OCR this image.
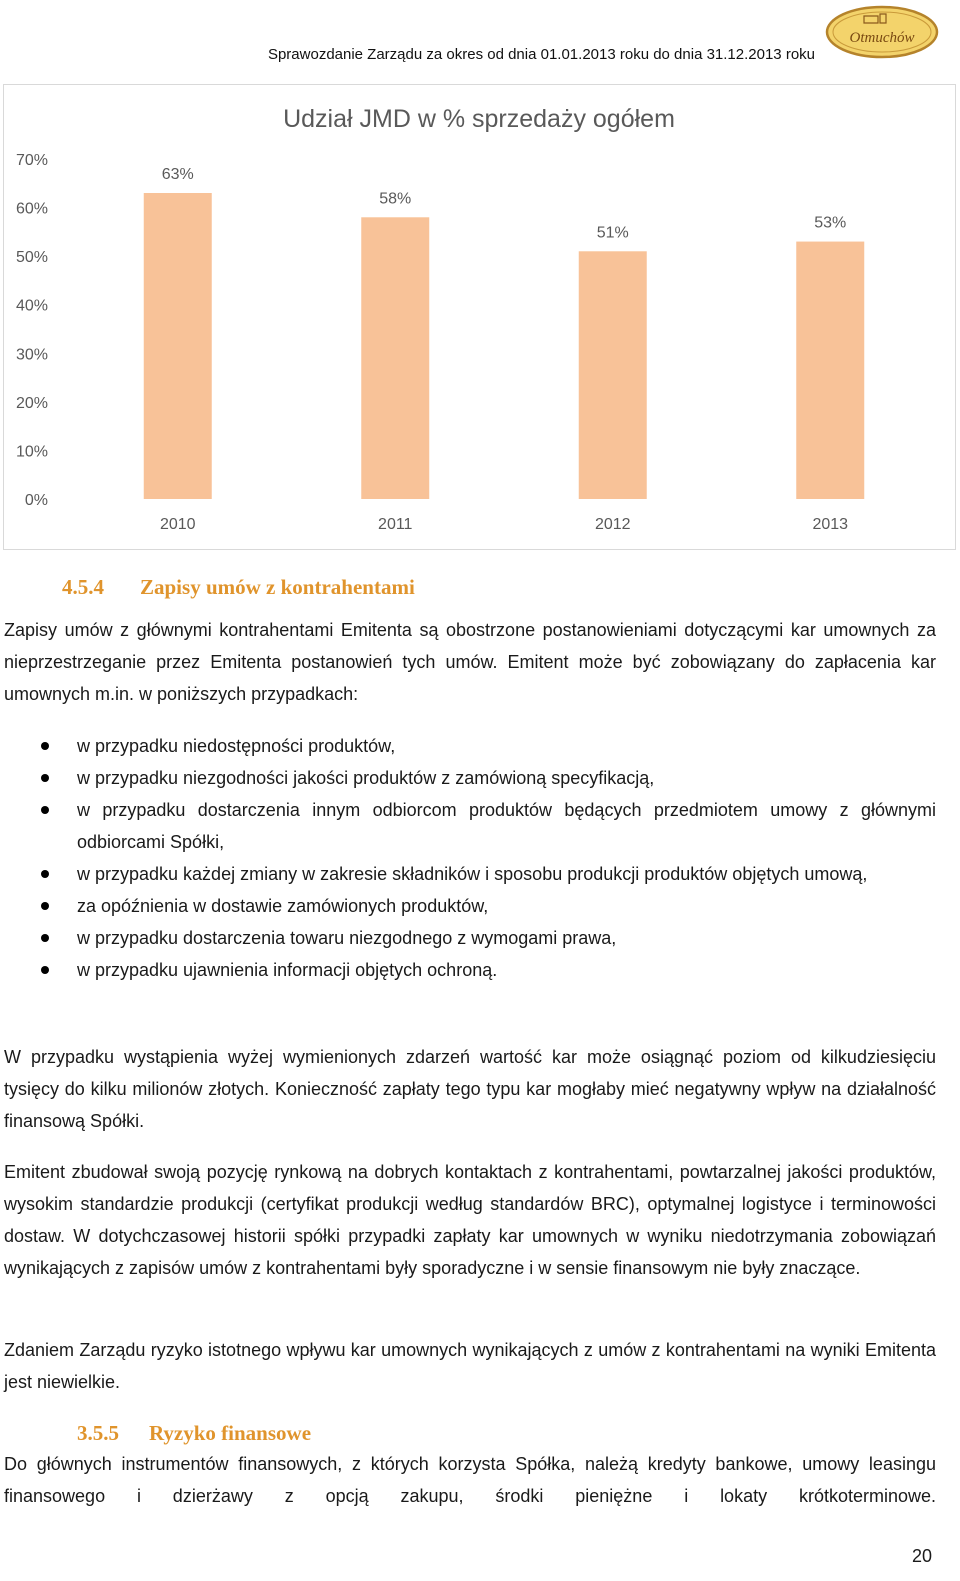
Sprawozdanie Zarządu za okres od dnia 01.01.2013 roku do dnia 31.12.2013 roku
Otmuchów
Udział JMD w % sprzedaży ogółem
0%
10%
20%
30%
40%
50%
60%
70%
63%
58%
51%
53%
2010	2011	2012	2013
4.5.4 Zapisy umów z kontrahentami

Zapisy umów z głównymi kontrahentami Emitenta są obostrzone postanowieniami dotyczącymi kar umownych za nieprzestrzeganie przez Emitenta postanowień tych umów. Emitent może być zobowiązany do zapłacenia kar umownych m.in. w poniższych przypadkach:

w przypadku niedostępności produktów,
w przypadku niezgodności jakości produktów z zamówioną specyfikacją,
w przypadku dostarczenia innym odbiorcom produktów będących przedmiotem umowy z głównymi odbiorcami Spółki,
w przypadku każdej zmiany w zakresie składników i sposobu produkcji produktów objętych umową,
za opóźnienia w dostawie zamówionych produktów,
w przypadku dostarczenia towaru niezgodnego z wymogami prawa,
w przypadku ujawnienia informacji objętych ochroną.

W przypadku wystąpienia wyżej wymienionych zdarzeń wartość kar może osiągnąć poziom od kilkudziesięciu tysięcy do kilku milionów złotych. Konieczność zapłaty tego typu kar mogłaby mieć negatywny wpływ na działalność finansową Spółki.

Emitent zbudował swoją pozycję rynkową na dobrych kontaktach z kontrahentami, powtarzalnej jakości produktów, wysokim standardzie produkcji (certyfikat produkcji według standardów BRC), optymalnej logistyce i terminowości dostaw. W dotychczasowej historii spółki przypadki zapłaty kar umownych w wyniku niedotrzymania zobowiązań wynikających z zapisów umów z kontrahentami były sporadyczne i w sensie finansowym nie były znaczące.

Zdaniem Zarządu ryzyko istotnego wpływu kar umownych wynikających z umów z kontrahentami na wyniki Emitenta jest niewielkie.

3.5.5 Ryzyko finansowe

Do głównych instrumentów finansowych, z których korzysta Spółka, należą kredyty bankowe, umowy leasingu finansowego i dzierżawy z opcją zakupu, środki pieniężne i lokaty krótkoterminowe.

20
